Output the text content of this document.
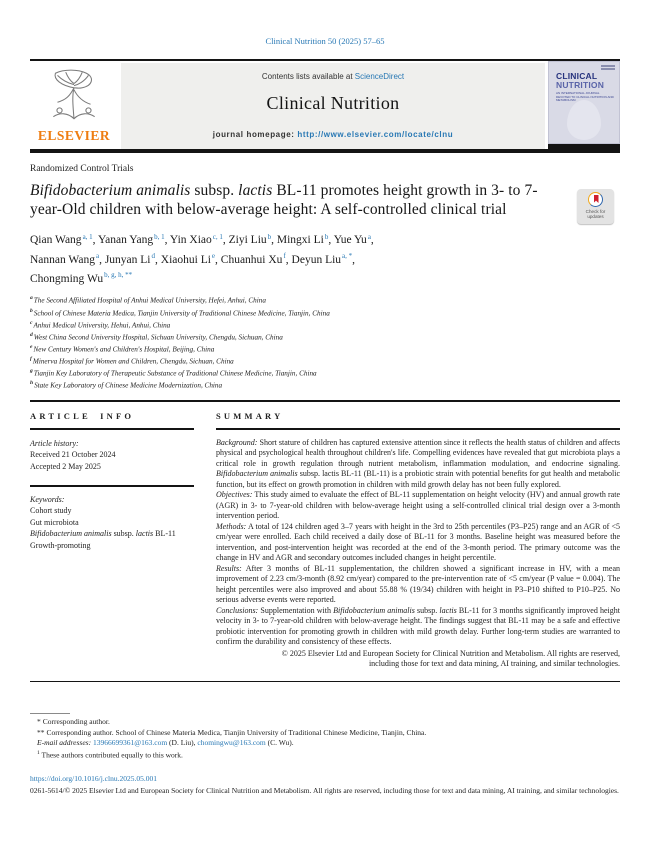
Clinical Nutrition 50 (2025) 57–65
ELSEVIER
Contents lists available at ScienceDirect
Clinical Nutrition
journal homepage: http://www.elsevier.com/locate/clnu
CLINICAL
NUTRITION
AN INTERNATIONAL JOURNAL DEVOTED TO CLINICAL NUTRITION AND METABOLISM
Randomized Control Trials
Bifidobacterium animalis subsp. lactis BL-11 promotes height growth in 3- to 7-year-Old children with below-average height: A self-controlled clinical trial	Check for updates
Qian Wang$^{a, 1}$, Yanan Yang$^{b, 1}$, Yin Xiao$^{c, 1}$, Ziyi Liu$^b$, Mingxi Li$^b$, Yue Yu$^a$,
Nannan Wang$^a$, Junyan Li$^d$, Xiaohui Li$^e$, Chuanhui Xu$^f$, Deyun Liu$^{a, *}$,
Chongming $Wu^{b, g, h, **}$
$^a$The Second Affiliated Hospital of Anhui Medical University, Hefei, Anhui, China
$^b$School of Chinese Materia Medica, Tianjin University of Traditional Chinese Medicine, Tianjin, China
$^c$Anhui Medical University, Hehui, Anhui, China
$^d$West China Second University Hospital, Sichuan University, Chengdu, Sichuan, China
$^e$New Century Women's and Children's Hospital, Beijing, China
$^f$Minerva Hospital for Women and Children, Chengdu, Sichuan, China
$^g$Tianjin Key Laboratory of Therapeutic Substance of Traditional Chinese Medicine, Tianjin, China
$^h$State Key Laboratory of Chinese Medicine Modernization, China
ARTICLE INFO
Article history:
Received 21 October 2024
Accepted 2 May 2025
Keywords:
Cohort study
Gut microbiota
Bifidobacterium animalis subsp. lactis BL-11
Growth-promoting
SUMMARY

Background: Short stature of children has captured extensive attention since it reflects the health status of children and affects physical and psychological health throughout children's life. Compelling evidences have revealed that gut microbiota plays a critical role in growth regulation through nutrient metabolism, inflammation modulation, and endocrine signaling. Bifidobacterium animalis subsp. lactis BL-11 (BL-11) is a probiotic strain with potential benefits for gut health and metabolic function, but its effect on growth promotion in children with mild growth delay has not been fully explored.

Objectives: This study aimed to evaluate the effect of BL-11 supplementation on height velocity (HV) and annual growth rate (AGR) in 3- to 7-year-old children with below-average height using a self-controlled clinical trial design over a 3-month intervention period.

Methods: A total of 124 children aged 3–7 years with height in the 3rd to 25th percentiles (P3–P25) range and an AGR of <5 cm/year were enrolled. Each child received a daily dose of BL-11 for 3 months. Baseline height was measured before the intervention, and post-intervention height was recorded at the end of the 3-month period. The primary outcome was the change in HV and AGR and secondary outcomes included changes in height percentile.

Results: After 3 months of BL-11 supplementation, the children showed a significant increase in HV, with a mean improvement of 2.23 cm/3-month (8.92 cm/year) compared to the pre-intervention rate of <5 cm/year (P value = 0.004). The height percentiles were also improved and about 55.88 % (19/34) children with height in P3–P10 shifted to P10–P25. No serious adverse events were reported.

Conclusions: Supplementation with Bifidobacterium animalis subsp. lactis BL-11 for 3 months significantly improved height velocity in 3- to 7-year-old children with below-average height. The findings suggest that BL-11 may be a safe and effective probiotic intervention for promoting growth in children with mild growth delay. Further long-term studies are warranted to confirm the durability and consistency of these effects.

© 2025 Elsevier Ltd and European Society for Clinical Nutrition and Metabolism. All rights are reserved,
including those for text and data mining, AI training, and similar technologies.
* Corresponding author.
** Corresponding author. School of Chinese Materia Medica, Tianjin University of Traditional Chinese Medicine, Tianjin, China.
E-mail addresses: 13966699361@163.com (D. Liu), chomingwu@163.com (C. Wu).
$^1$ These authors contributed equally to this work.
https://doi.org/10.1016/j.clnu.2025.05.001
0261-5614/© 2025 Elsevier Ltd and European Society for Clinical Nutrition and Metabolism. All rights are reserved, including those for text and data mining, AI training, and similar technologies.
